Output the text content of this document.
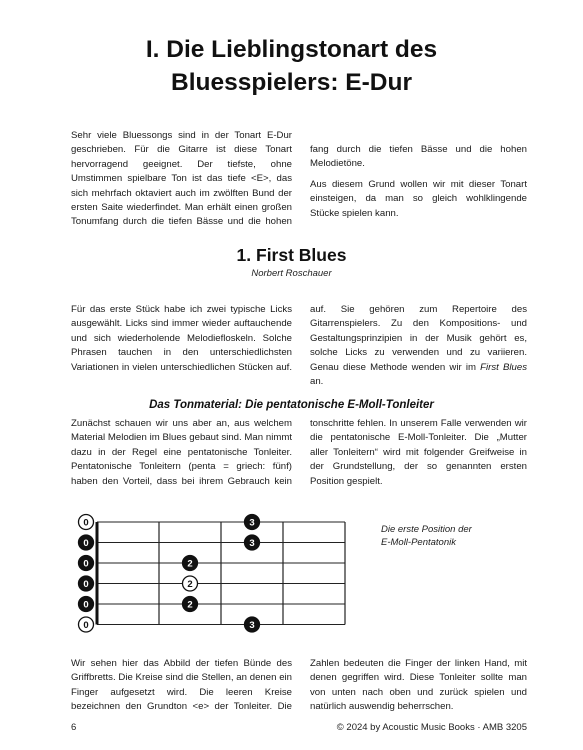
I. Die Lieblingstonart des
Bluesspielers: E-Dur

Sehr viele Bluessongs sind in der Tonart E-Dur geschrieben. Für die Gitarre ist diese Tonart hervorragend geeignet. Der tiefste, ohne Umstimmen spielbare Ton ist das tiefe <E>, das sich mehrfach oktaviert auch im zwölften Bund der ersten Saite wiederfindet. Man erhält einen großen Tonumfang durch die tiefen Bässe und die hohen

fang durch die tiefen Bässe und die hohen Melodietöne.

Aus diesem Grund wollen wir mit dieser Tonart einsteigen, da man so gleich wohlklingende Stücke spielen kann.

1. First Blues
Norbert Roschauer

Für das erste Stück habe ich zwei typische Licks ausgewählt. Licks sind immer wieder auftauchende und sich wiederholende Melodiefloskeln. Solche Phrasen tauchen in den unterschiedlichsten Variationen in vielen unterschiedlichen Stücken auf.

auf. Sie gehören zum Repertoire des Gitarrenspielers. Zu den Kompositions- und Gestaltungsprinzipien in der Musik gehört es, solche Licks zu verwenden und zu variieren. Genau diese Methode wenden wir im First Blues an.

Das Tonmaterial: Die pentatonische E-Moll-Tonleiter

Zunächst schauen wir uns aber an, aus welchem Material Melodien im Blues gebaut sind. Man nimmt dazu in der Regel eine pentatonische Tonleiter. Pentatonische Tonleitern (penta = griech: fünf) haben den Vorteil, dass bei ihrem Gebrauch kein

tonschritte fehlen. In unserem Falle verwenden wir die pentatonische E-Moll-Tonleiter. Die „Mutter aller Tonleitern“ wird mit folgender Greifweise in der Grundstellung, der so genannten ersten Position gespielt.

0	3
0	3
0	2
0	2
0	2
0	3
Die erste Position der
E-Moll-Pentatonik

Wir sehen hier das Abbild der tiefen Bünde des Griffbretts. Die Kreise sind die Stellen, an denen ein Finger aufgesetzt wird. Die leeren Kreise bezeichnen den Grundton <e> der Tonleiter. Die

Zahlen bedeuten die Finger der linken Hand, mit denen gegriffen wird. Diese Tonleiter sollte man von unten nach oben und zurück spielen und natürlich auswendig beherrschen.

6	© 2024 by Acoustic Music Books · AMB 3205
